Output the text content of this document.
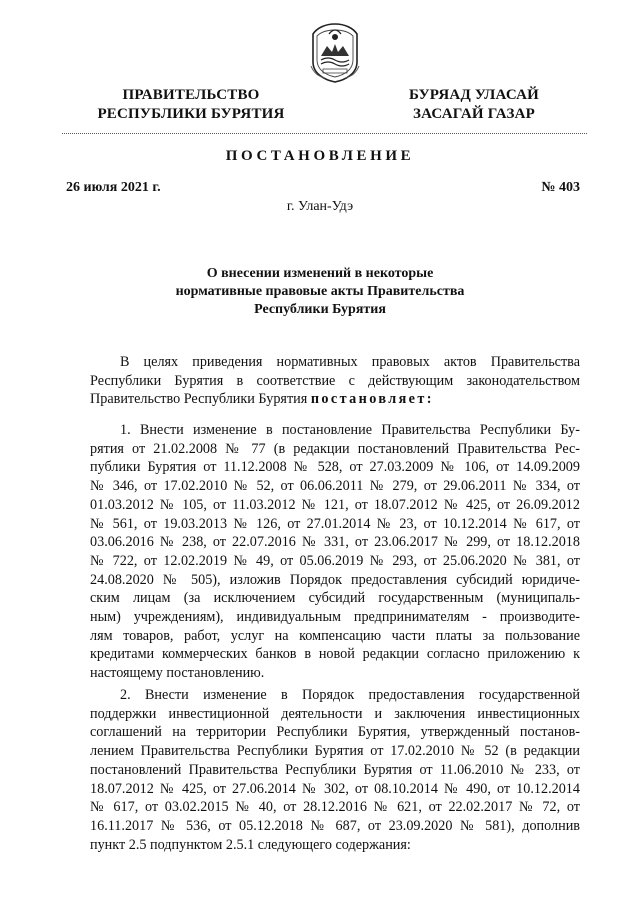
ПРАВИТЕЛЬСТВО
РЕСПУБЛИКИ БУРЯТИЯ
БУРЯАД УЛАСАЙ
ЗАСАГАЙ ГАЗАР
ПОСТАНОВЛЕНИЕ
26 июля 2021 г.	№ 403
г. Улан-Удэ
О внесении изменений в некоторые
нормативные правовые акты Правительства
Республики Бурятия
В целях приведения нормативных правовых актов Правительства
Республики Бурятия в соответствие с действующим законодательством
Правительство Республики Бурятия постановляет:
1. Внести изменение в постановление Правительства Республики Бу-
рятия от 21.02.2008 № 77 (в редакции постановлений Правительства Рес-
публики Бурятия от 11.12.2008 № 528, от 27.03.2009 № 106, от 14.09.2009
№ 346, от 17.02.2010 № 52, от 06.06.2011 № 279, от 29.06.2011 № 334, от
01.03.2012 № 105, от 11.03.2012 № 121, от 18.07.2012 № 425, от 26.09.2012
№ 561, от 19.03.2013 № 126, от 27.01.2014 № 23, от 10.12.2014 № 617, от
03.06.2016 № 238, от 22.07.2016 № 331, от 23.06.2017 № 299, от 18.12.2018
№ 722, от 12.02.2019 № 49, от 05.06.2019 № 293, от 25.06.2020 № 381, от
24.08.2020 № 505), изложив Порядок предоставления субсидий юридиче-
ским лицам (за исключением субсидий государственным (муниципаль-
ным) учреждениям), индивидуальным предпринимателям - производите-
лям товаров, работ, услуг на компенсацию части платы за пользование
кредитами коммерческих банков в новой редакции согласно приложению к
настоящему постановлению.
2. Внести изменение в Порядок предоставления государственной
поддержки инвестиционной деятельности и заключения инвестиционных
соглашений на территории Республики Бурятия, утвержденный постанов-
лением Правительства Республики Бурятия от 17.02.2010 № 52 (в редакции
постановлений Правительства Республики Бурятия от 11.06.2010 № 233, от
18.07.2012 № 425, от 27.06.2014 № 302, от 08.10.2014 № 490, от 10.12.2014
№ 617, от 03.02.2015 № 40, от 28.12.2016 № 621, от 22.02.2017 № 72, от
16.11.2017 № 536, от 05.12.2018 № 687, от 23.09.2020 № 581), дополнив
пункт 2.5 подпунктом 2.5.1 следующего содержания:
